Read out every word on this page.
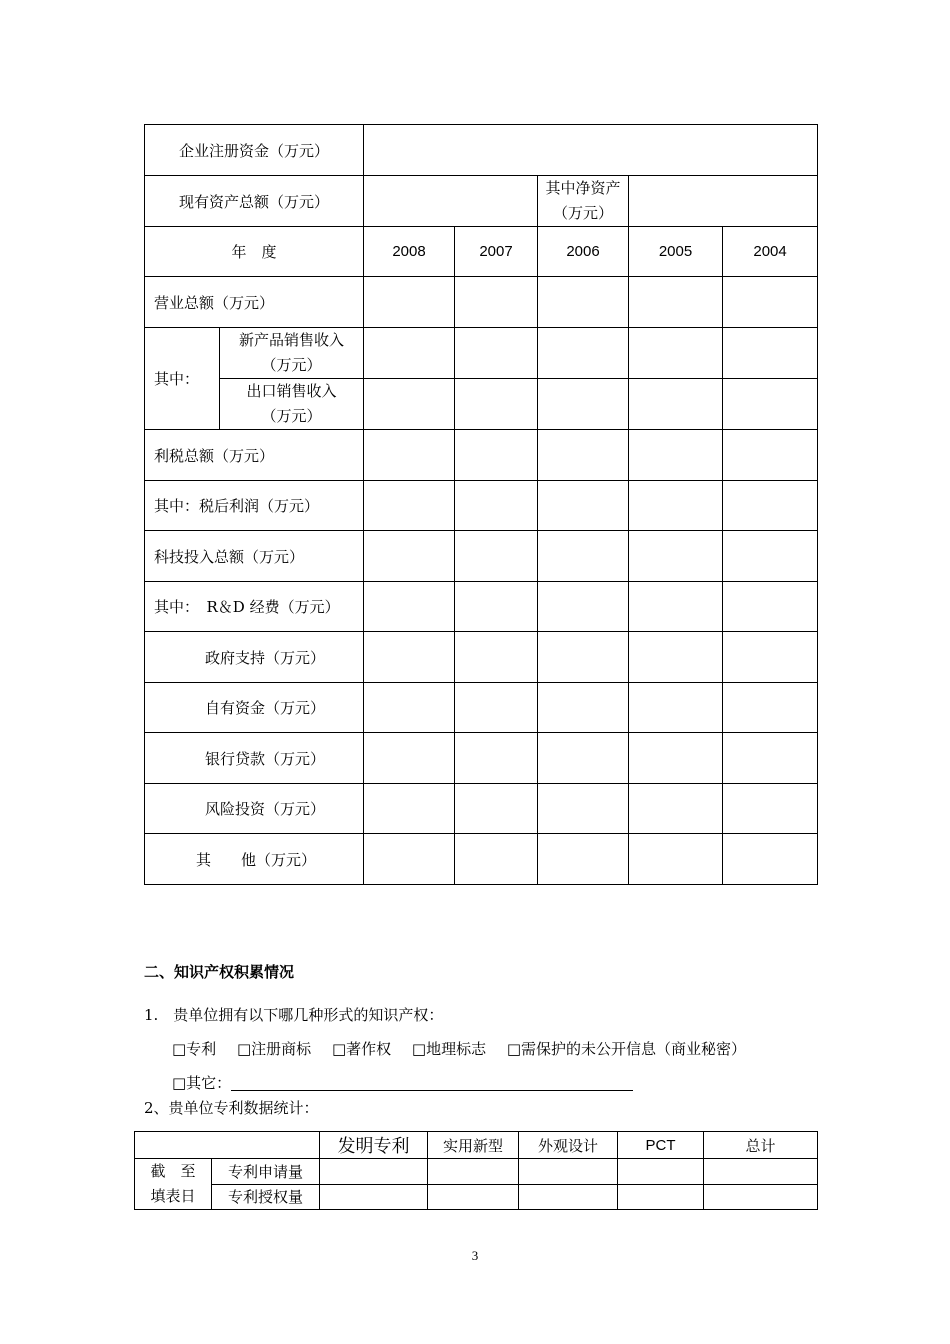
企业注册资金（万元）						
现有资产总额（万元）				其中净资产
（万元）		
年　度		2008	2007	2006	2005	2004
营业总额（万元）						
其中：	新产品销售收入
（万元）					
	出口销售收入
（万元）					
利税总额（万元）						
其中：税后利润（万元）						
科技投入总额（万元）						
其中：　R＆D 经费（万元）						
政府支持（万元）						
自有资金（万元）						
银行贷款（万元）						
风险投资（万元）						
其　　他（万元）						
二、知识产权积累情况
1.　贵单位拥有以下哪几种形式的知识产权：
□专利 □注册商标 □著作权 □地理标志 □需保护的未公开信息（商业秘密）
□其它：
2、贵单位专利数据统计：
		发明专利	实用新型	外观设计	PCT	总计
截　至
填表日	专利申请量					
	专利授权量					
3
